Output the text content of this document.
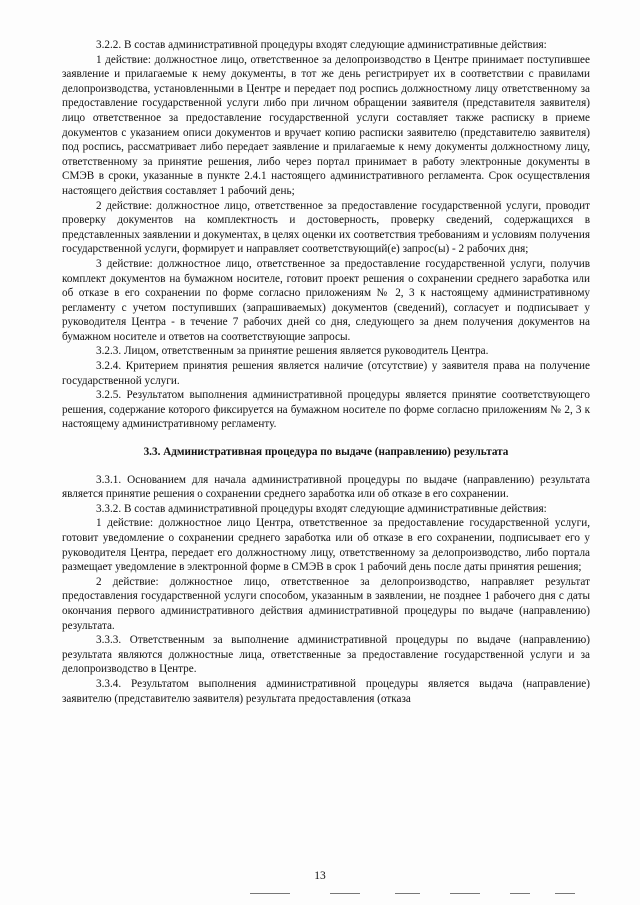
3.2.2. В состав административной процедуры входят следующие административные действия:

1 действие: должностное лицо, ответственное за делопроизводство в Центре принимает поступившее заявление и прилагаемые к нему документы, в тот же день регистрирует их в соответствии с правилами делопроизводства, установленными в Центре и передает под роспись должностному лицу ответственному за предоставление государственной услуги либо при личном обращении заявителя (представителя заявителя) лицо ответственное за предоставление государственной услуги составляет также расписку в приеме документов с указанием описи документов и вручает копию расписки заявителю (представителю заявителя) под роспись, рассматривает либо передает заявление и прилагаемые к нему документы должностному лицу, ответственному за принятие решения, либо через портал принимает в работу электронные документы в СМЭВ в сроки, указанные в пункте 2.4.1 настоящего административного регламента. Срок осуществления настоящего действия составляет 1 рабочий день;

2 действие: должностное лицо, ответственное за предоставление государственной услуги, проводит проверку документов на комплектность и достоверность, проверку сведений, содержащихся в представленных заявлении и документах, в целях оценки их соответствия требованиям и условиям получения государственной услуги, формирует и направляет соответствующий(е) запрос(ы) - 2 рабочих дня;

3 действие: должностное лицо, ответственное за предоставление государственной услуги, получив комплект документов на бумажном носителе, готовит проект решения о сохранении среднего заработка или об отказе в его сохранении по форме согласно приложениям № 2, 3 к настоящему административному регламенту с учетом поступивших (запрашиваемых) документов (сведений), согласует и подписывает у руководителя Центра - в течение 7 рабочих дней со дня, следующего за днем получения документов на бумажном носителе и ответов на соответствующие запросы.

3.2.3. Лицом, ответственным за принятие решения является руководитель Центра.

3.2.4. Критерием принятия решения является наличие (отсутствие) у заявителя права на получение государственной услуги.

3.2.5. Результатом выполнения административной процедуры является принятие соответствующего решения, содержание которого фиксируется на бумажном носителе по форме согласно приложениям № 2, 3 к настоящему административному регламенту.

3.3. Административная процедура по выдаче (направлению) результата

3.3.1. Основанием для начала административной процедуры по выдаче (направлению) результата является принятие решения о сохранении среднего заработка или об отказе в его сохранении.

3.3.2. В состав административной процедуры входят следующие административные действия:

1 действие: должностное лицо Центра, ответственное за предоставление государственной услуги, готовит уведомление о сохранении среднего заработка или об отказе в его сохранении, подписывает его у руководителя Центра, передает его должностному лицу, ответственному за делопроизводство, либо портала размещает уведомление в электронной форме в СМЭВ в срок 1 рабочий день после даты принятия решения;

2 действие: должностное лицо, ответственное за делопроизводство, направляет результат предоставления государственной услуги способом, указанным в заявлении, не позднее 1 рабочего дня с даты окончания первого административного действия административной процедуры по выдаче (направлению) результата.

3.3.3. Ответственным за выполнение административной процедуры по выдаче (направлению) результата являются должностные лица, ответственные за предоставление государственной услуги и за делопроизводство в Центре.

3.3.4. Результатом выполнения административной процедуры является выдача (направление) заявителю (представителю заявителя) результата предоставления (отказа

13
